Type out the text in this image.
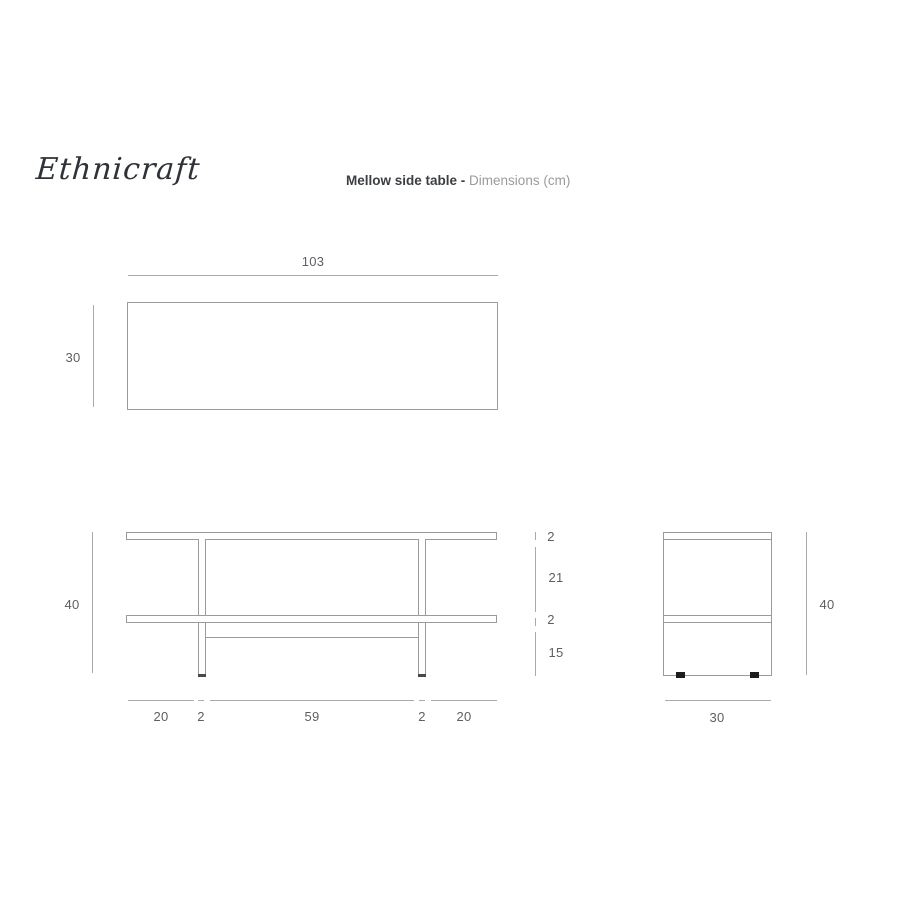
Ethnicraft	Mellow side table - Dimensions (cm)
103
30
40
2
21
2
15
20	2	59	2	20
40
30
